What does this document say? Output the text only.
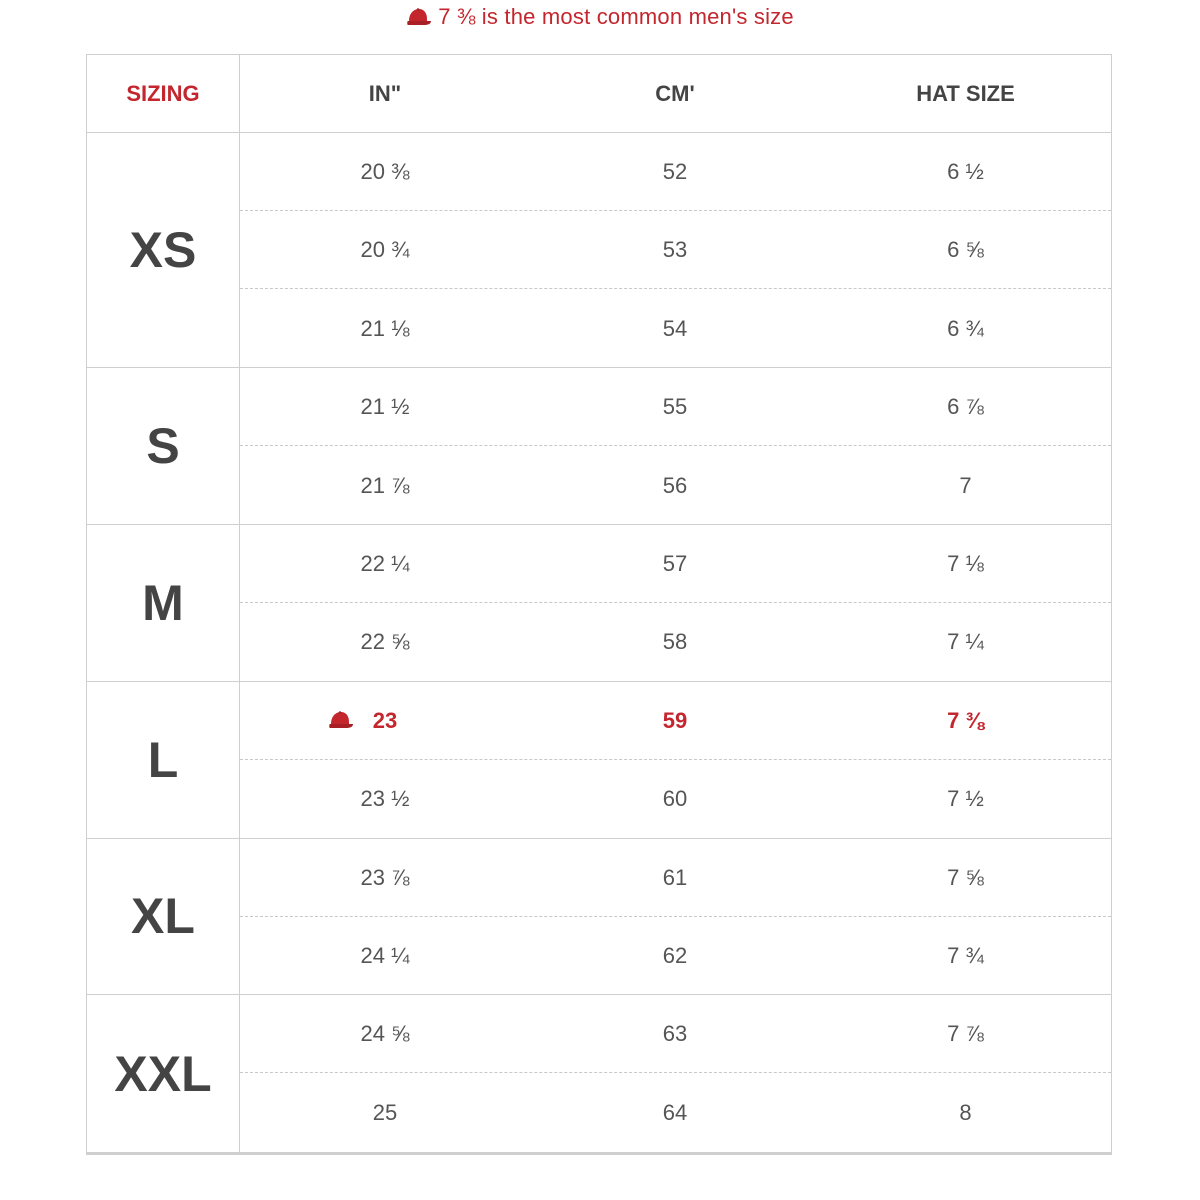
7 ⅜ is the most common men's size
SIZING	IN"	CM'	HAT SIZE
XS
20 ⅜	52	6 ½
20 ¾	53	6 ⅝
21 ⅛	54	6 ¾
S
21 ½	55	6 ⅞
21 ⅞	56	7
M
22 ¼	57	7 ⅛
22 ⅝	58	7 ¼
L
23	59	7 ⅜
23 ½	60	7 ½
XL
23 ⅞	61	7 ⅝
24 ¼	62	7 ¾
XXL
24 ⅝	63	7 ⅞
25	64	8
